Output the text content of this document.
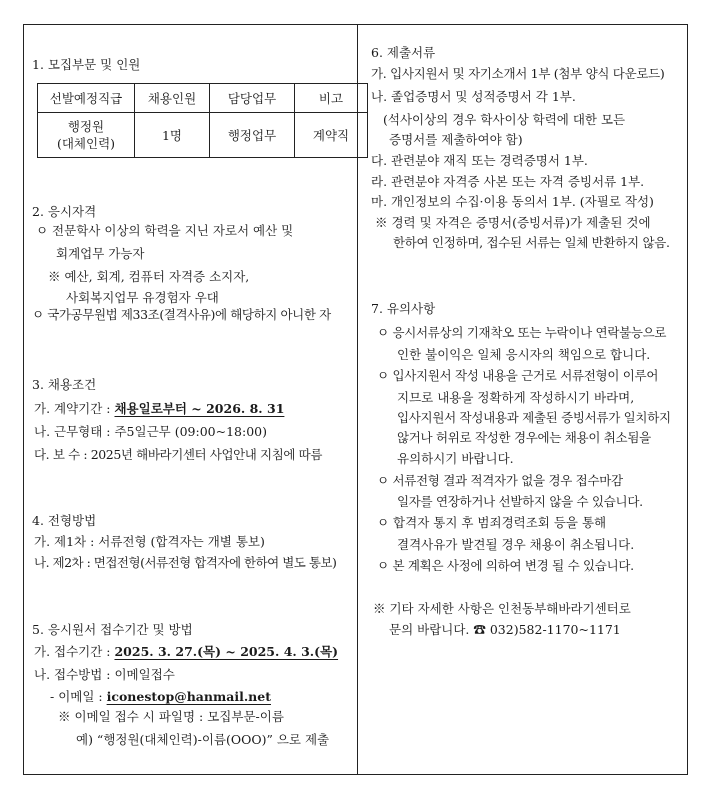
1. 모집부문 및 인원
선발예정직급	채용인원	담당업무	비고

행정원
(대체인력)	1명	행정업무	계약직
2. 응시자격
ㅇ 전문학사 이상의 학력을 지닌 자로서 예산 및
회계업무 가능자
※ 예산, 회계, 컴퓨터 자격증 소지자,
사회복지업무 유경험자 우대
ㅇ 국가공무원법 제33조(결격사유)에 해당하지 아니한 자
3. 채용조건
가. 계약기간 : 채용일로부터 ~ 2026. 8. 31
나. 근무형태 : 주5일근무 (09:00~18:00)
다. 보 수 : 2025년 해바라기센터 사업안내 지침에 따름
4. 전형방법
가. 제1차 : 서류전형 (합격자는 개별 통보)
나. 제2차 : 면접전형(서류전형 합격자에 한하여 별도 통보)
5. 응시원서 접수기간 및 방법
가. 접수기간 : 2025. 3. 27.(목) ~ 2025. 4. 3.(목)
나. 접수방법 : 이메일접수
- 이메일 : iconestop@hanmail.net
※ 이메일 접수 시 파일명 : 모집부문-이름
예) “행정원(대체인력)-이름(OOO)” 으로 제출
6. 제출서류
가. 입사지원서 및 자기소개서 1부 (첨부 양식 다운로드)
나. 졸업증명서 및 성적증명서 각 1부.
(석사이상의 경우 학사이상 학력에 대한 모든
증명서를 제출하여야 함)
다. 관련분야 재직 또는 경력증명서 1부.
라. 관련분야 자격증 사본 또는 자격 증빙서류 1부.
마. 개인정보의 수집·이용 동의서 1부. (자필로 작성)
※ 경력 및 자격은 증명서(증빙서류)가 제출된 것에
한하여 인정하며, 접수된 서류는 일체 반환하지 않음.
7. 유의사항
ㅇ 응시서류상의 기재착오 또는 누락이나 연락불능으로
인한 불이익은 일체 응시자의 책임으로 합니다.
ㅇ 입사지원서 작성 내용을 근거로 서류전형이 이루어
지므로 내용을 정확하게 작성하시기 바라며,
입사지원서 작성내용과 제출된 증빙서류가 일치하지
않거나 허위로 작성한 경우에는 채용이 취소됨을
유의하시기 바랍니다.
ㅇ 서류전형 결과 적격자가 없을 경우 접수마감
일자를 연장하거나 선발하지 않을 수 있습니다.
ㅇ 합격자 통지 후 범죄경력조회 등을 통해
결격사유가 발견될 경우 채용이 취소됩니다.
ㅇ 본 계획은 사정에 의하여 변경 될 수 있습니다.
※ 기타 자세한 사항은 인천동부해바라기센터로
문의 바랍니다. ☎ 032)582-1170~1171
